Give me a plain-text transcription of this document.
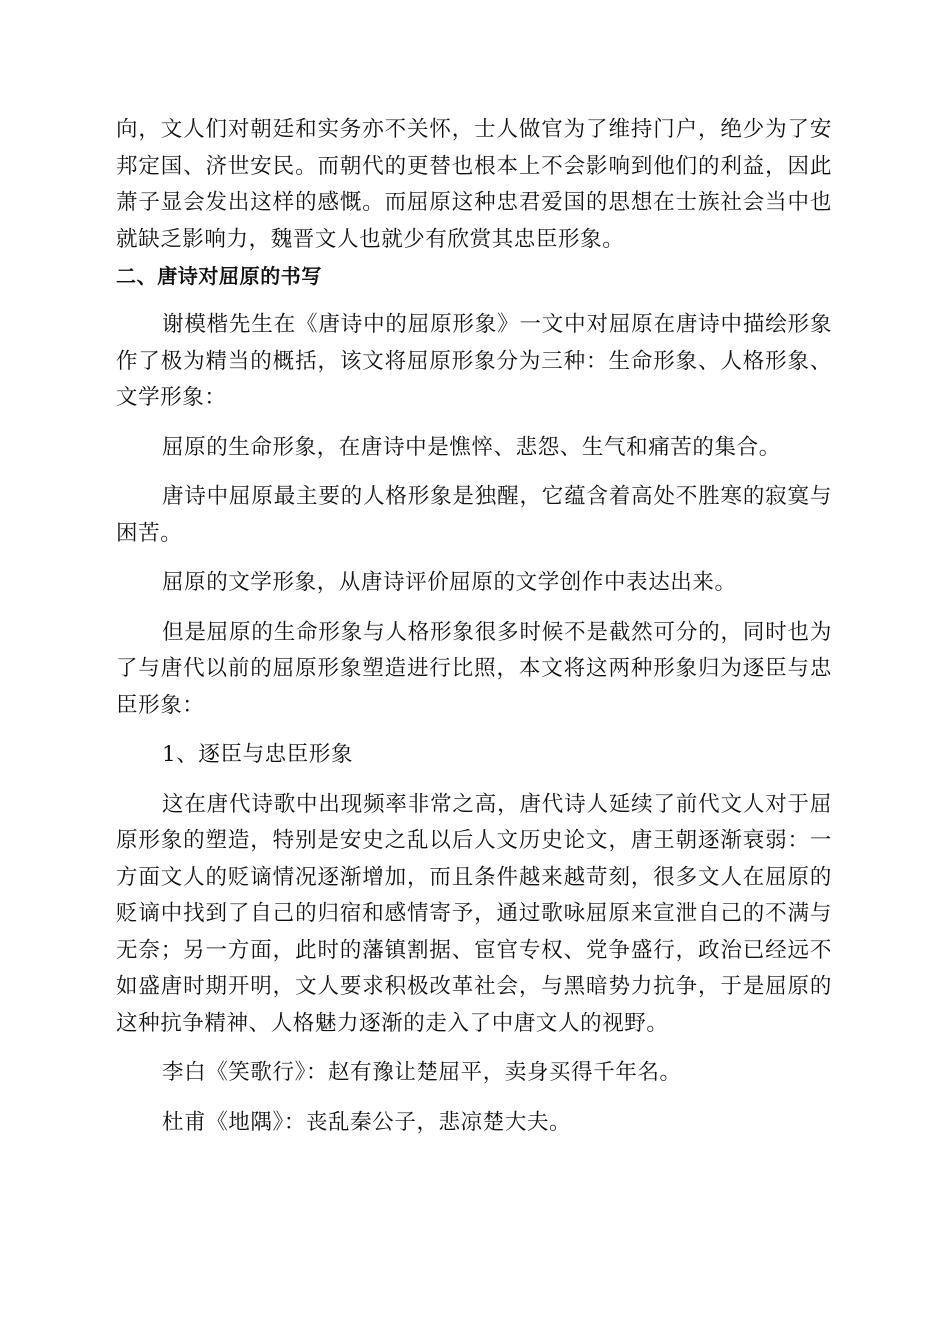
向，文人们对朝廷和实务亦不关怀，士人做官为了维持门户，绝少为了安邦定国、济世安民。而朝代的更替也根本上不会影响到他们的利益，因此萧子显会发出这样的感慨。而屈原这种忠君爱国的思想在士族社会当中也就缺乏影响力，魏晋文人也就少有欣赏其忠臣形象。

二、唐诗对屈原的书写

谢模楷先生在《唐诗中的屈原形象》一文中对屈原在唐诗中描绘形象作了极为精当的概括，该文将屈原形象分为三种：生命形象、人格形象、文学形象：

屈原的生命形象，在唐诗中是憔悴、悲怨、生气和痛苦的集合。

唐诗中屈原最主要的人格形象是独醒，它蕴含着高处不胜寒的寂寞与困苦。

屈原的文学形象，从唐诗评价屈原的文学创作中表达出来。

但是屈原的生命形象与人格形象很多时候不是截然可分的，同时也为了与唐代以前的屈原形象塑造进行比照，本文将这两种形象归为逐臣与忠臣形象：

1、逐臣与忠臣形象

这在唐代诗歌中出现频率非常之高，唐代诗人延续了前代文人对于屈原形象的塑造，特别是安史之乱以后人文历史论文，唐王朝逐渐衰弱：一方面文人的贬谪情况逐渐增加，而且条件越来越苛刻，很多文人在屈原的贬谪中找到了自己的归宿和感情寄予，通过歌咏屈原来宣泄自己的不满与无奈；另一方面，此时的藩镇割据、宦官专权、党争盛行，政治已经远不如盛唐时期开明，文人要求积极改革社会，与黑暗势力抗争，于是屈原的这种抗争精神、人格魅力逐渐的走入了中唐文人的视野。

李白《笑歌行》：赵有豫让楚屈平，卖身买得千年名。

杜甫《地隅》：丧乱秦公子，悲凉楚大夫。
